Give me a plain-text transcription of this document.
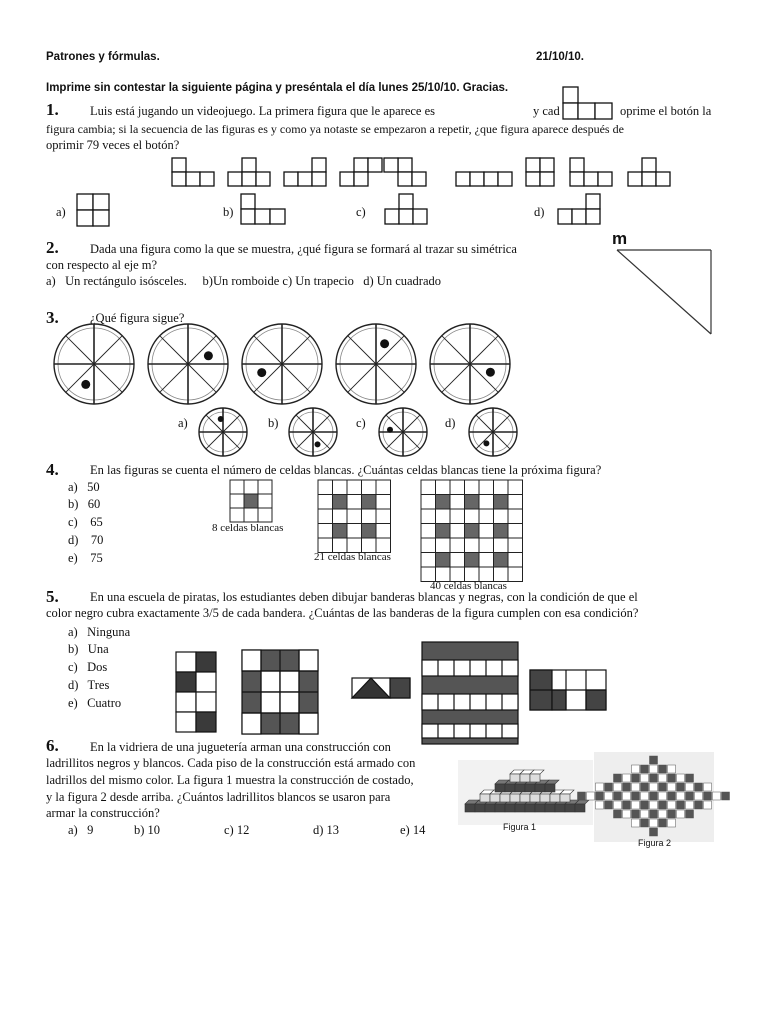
Patrones y fórmulas.	21/10/10.
Imprime sin contestar la siguiente página y preséntala el día lunes 25/10/10. Gracias.
1.	Luis está jugando un videojuego. La primera figura que le aparece es	y cad	oprime el botón la
figura cambia; si la secuencia de las figuras es y como ya notaste se empezaron a repetir, ¿que figura aparece después de
oprimir 79 veces el botón?
a)	b)	c)	d)
2.	Dada una figura como la que se muestra, ¿qué figura se formará al trazar su simétrica
con respecto al eje m?
a)   Un rectángulo isósceles.     b)Un romboide c) Un trapecio   d) Un cuadrado
m
3.	¿Qué figura sigue?
a)	b)	c)	d)
4.	En las figuras se cuenta el número de celdas blancas. ¿Cuántas celdas blancas tiene la próxima figura?
a)   50
b)   60
c)    65
d)    70
e)    75
8 celdas blancas
21 celdas blancas
40 celdas blancas
5.	En una escuela de piratas, los estudiantes deben dibujar banderas blancas y negras, con la condición de que el
color negro cubra exactamente 3/5 de cada bandera. ¿Cuántas de las banderas de la figura cumplen con esa condición?
a)   Ninguna
b)   Una
c)   Dos
d)   Tres
e)   Cuatro
6.	En la vidriera de una juguetería arman una construcción con
ladrillitos negros y blancos. Cada piso de la construcción está armado con
ladrillos del mismo color. La figura 1 muestra la construcción de costado,
y la figura 2 desde arriba. ¿Cuántos ladrillitos blancos se usaron para
armar la construcción?
a)   9	b) 10	c) 12	d) 13	e) 14	Figura 1
Figura 2
